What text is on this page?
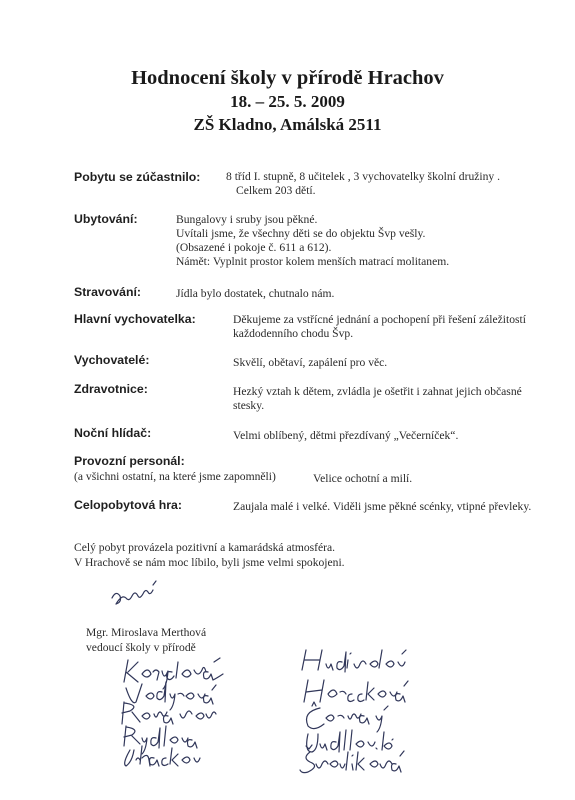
Hodnocení školy v přírodě Hrachov
18. – 25. 5. 2009
ZŠ Kladno, Amálská 2511
Pobytu se zúčastnilo: 8 tříd I. stupně, 8 učitelek , 3 vychovatelky školní družiny .
Celkem 203 dětí.
Ubytování:	Bungalovy i sruby jsou pěkné.
Uvítali jsme, že všechny děti se do objektu Švp vešly.
(Obsazené i pokoje č. 611 a 612).
Námět: Vyplnit prostor kolem menších matrací molitanem.
Stravování:	Jídla bylo dostatek, chutnalo nám.
Hlavní vychovatelka:	Děkujeme za vstřícné jednání a pochopení při řešení záležitostí
každodenního chodu Švp.
Vychovatelé:	Skvělí, obětaví, zapálení pro věc.
Zdravotnice:	Hezký vztah k dětem, zvládla je ošetřit i zahnat jejich občasné
stesky.
Noční hlídač:	Velmi oblíbený, dětmi přezdívaný „Večerníček“.
Provozní personál:
(a všichni ostatní, na které jsme zapomněli)	Velice ochotní a milí.
Celopobytová hra:	Zaujala malé i velké. Viděli jsme pěkné scénky, vtipné převleky.
Celý pobyt provázela pozitivní a kamarádská atmosféra.
V Hrachově se nám moc líbilo, byli jsme velmi spokojeni.
Mgr. Miroslava Merthová
vedoucí školy v přírodě
